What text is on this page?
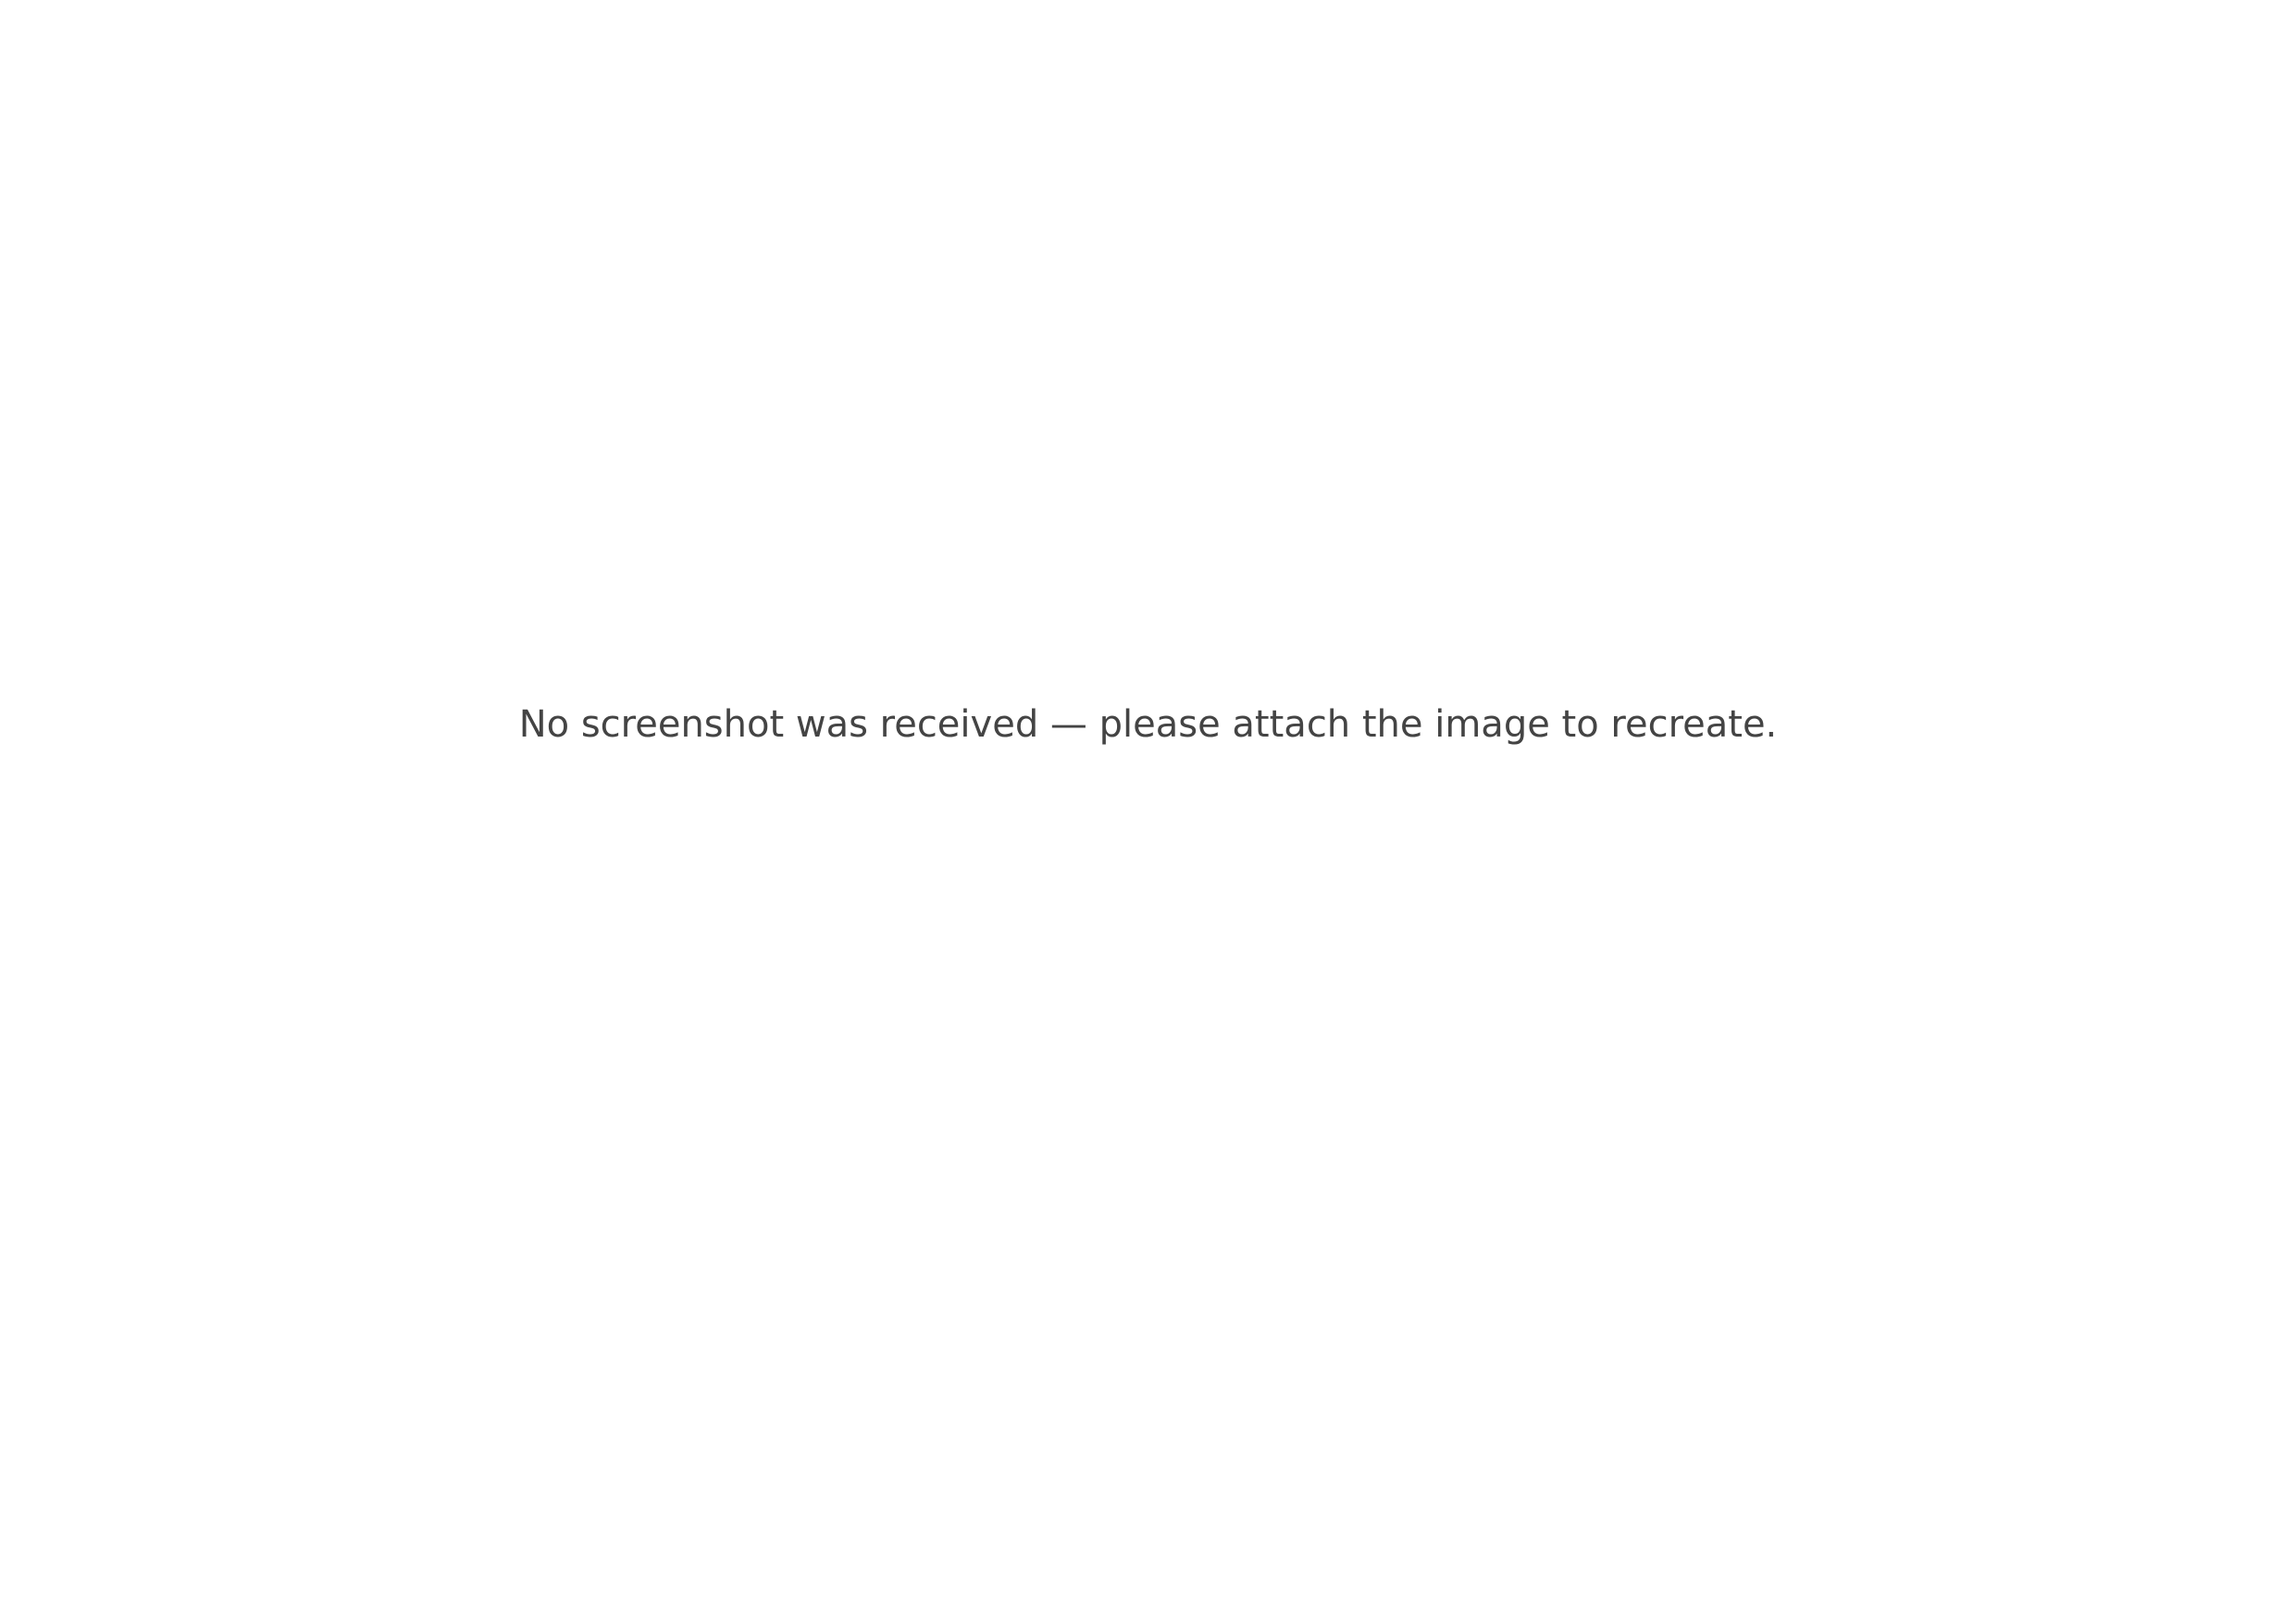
No screenshot was received — please attach the image to recreate.
